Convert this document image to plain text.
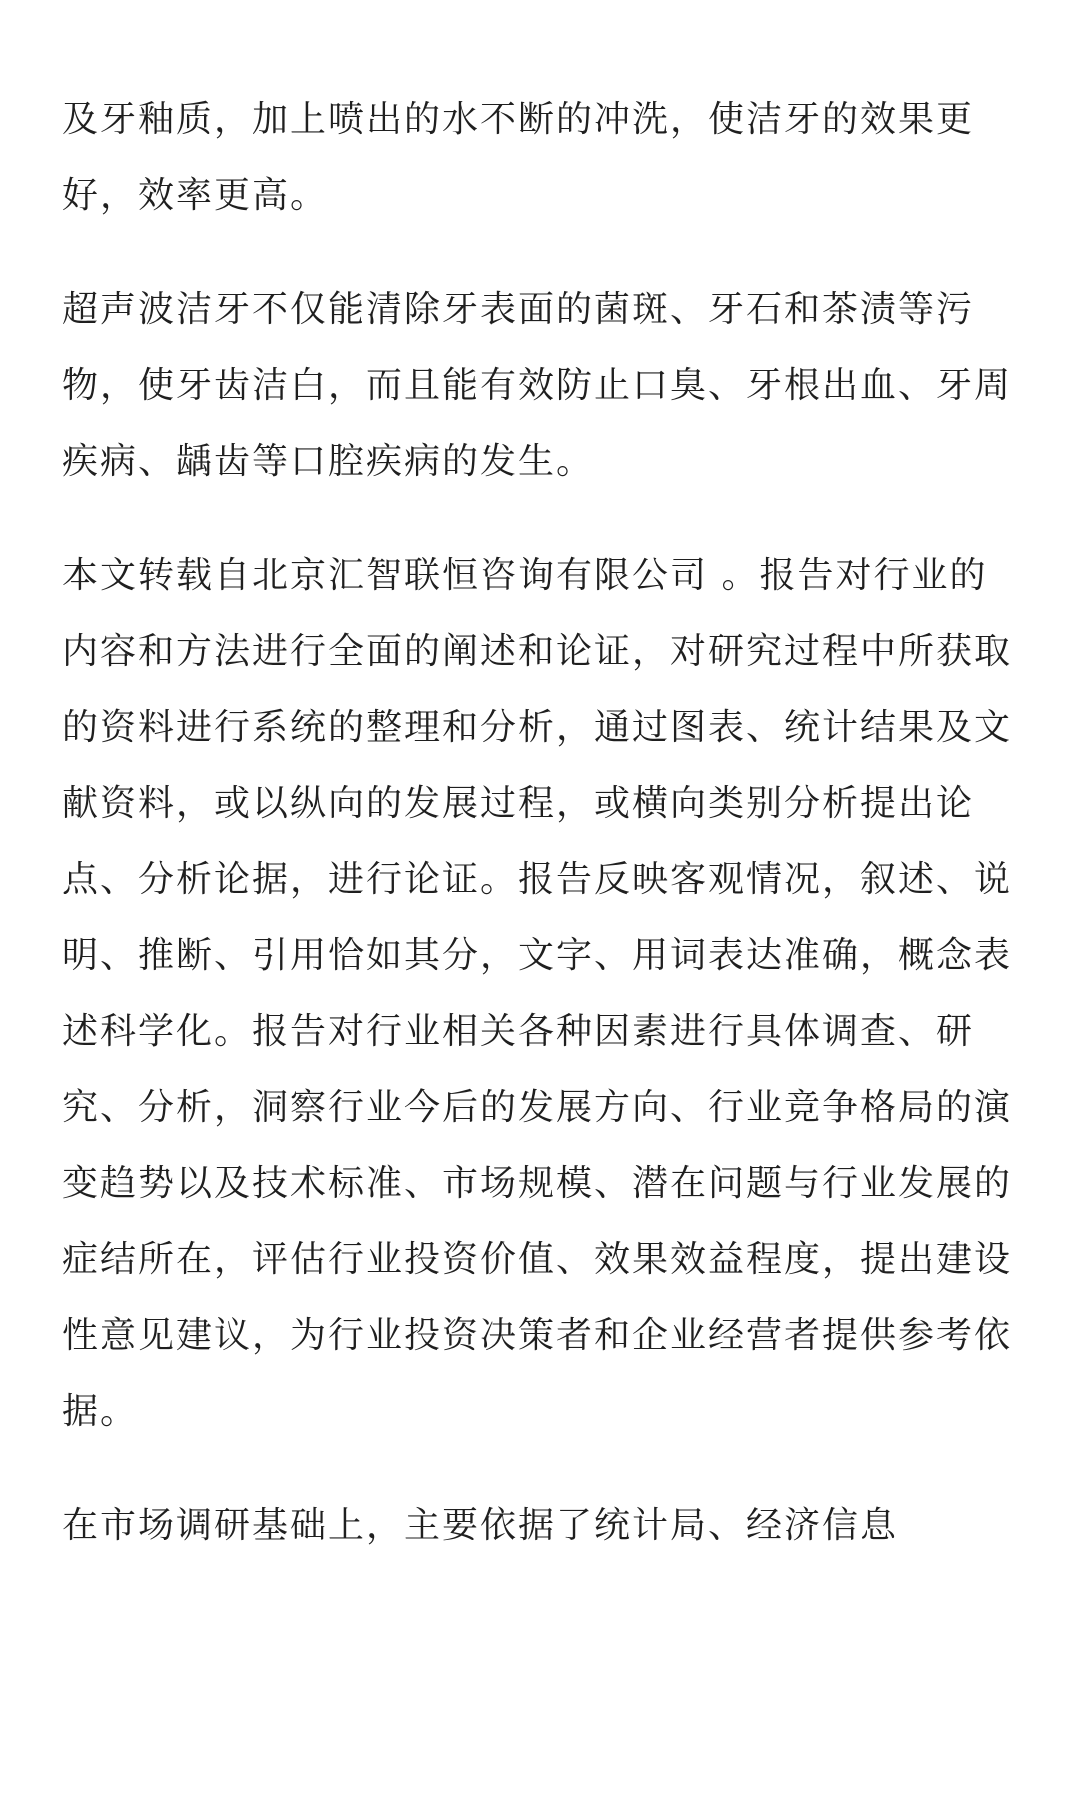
及牙釉质，加上喷出的水不断的冲洗，使洁牙的效果更好，效率更高。

超声波洁牙不仅能清除牙表面的菌斑、牙石和茶渍等污物，使牙齿洁白，而且能有效防止口臭、牙根出血、牙周疾病、龋齿等口腔疾病的发生。

本文转载自北京汇智联恒咨询有限公司 。报告对行业的内容和方法进行全面的阐述和论证，对研究过程中所获取的资料进行系统的整理和分析，通过图表、统计结果及文献资料，或以纵向的发展过程，或横向类别分析提出论点、分析论据，进行论证。报告反映客观情况，叙述、说明、推断、引用恰如其分，文字、用词表达准确，概念表述科学化。报告对行业相关各种因素进行具体调查、研究、分析，洞察行业今后的发展方向、行业竞争格局的演变趋势以及技术标准、市场规模、潜在问题与行业发展的症结所在，评估行业投资价值、效果效益程度，提出建设性意见建议，为行业投资决策者和企业经营者提供参考依据。

在市场调研基础上，主要依据了统计局、经济信息
